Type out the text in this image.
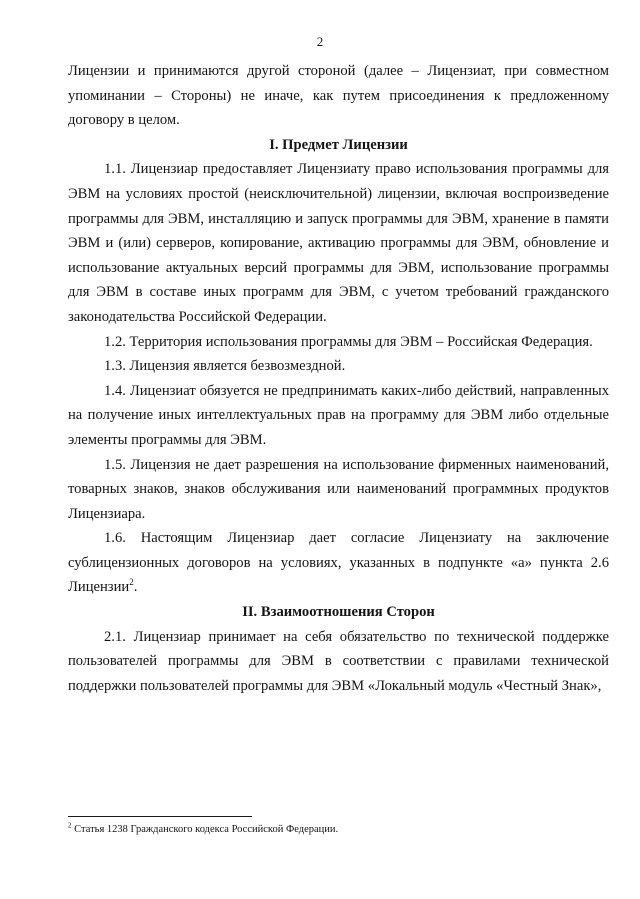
2

Лицензии и принимаются другой стороной (далее – Лицензиат, при совместном упоминании – Стороны) не иначе, как путем присоединения к предложенному договору в целом.

I. Предмет Лицензии

1.1. Лицензиар предоставляет Лицензиату право использования программы для ЭВМ на условиях простой (неисключительной) лицензии, включая воспроизведение программы для ЭВМ, инсталляцию и запуск программы для ЭВМ, хранение в памяти ЭВМ и (или) серверов, копирование, активацию программы для ЭВМ, обновление и использование актуальных версий программы для ЭВМ, использование программы для ЭВМ в составе иных программ для ЭВМ, с учетом требований гражданского законодательства Российской Федерации.

1.2. Территория использования программы для ЭВМ – Российская Федерация.

1.3. Лицензия является безвозмездной.

1.4. Лицензиат обязуется не предпринимать каких-либо действий, направленных на получение иных интеллектуальных прав на программу для ЭВМ либо отдельные элементы программы для ЭВМ.

1.5. Лицензия не дает разрешения на использование фирменных наименований, товарных знаков, знаков обслуживания или наименований программных продуктов Лицензиара.

1.6. Настоящим Лицензиар дает согласие Лицензиату на заключение сублицензионных договоров на условиях, указанных в подпункте «а» пункта 2.6 Лицензии$^2$.

II. Взаимоотношения Сторон

2.1. Лицензиар принимает на себя обязательство по технической поддержке пользователей программы для ЭВМ в соответствии с правилами технической поддержки пользователей программы для ЭВМ «Локальный модуль «Честный Знак»,

$^2$ Статья 1238 Гражданского кодекса Российской Федерации.
